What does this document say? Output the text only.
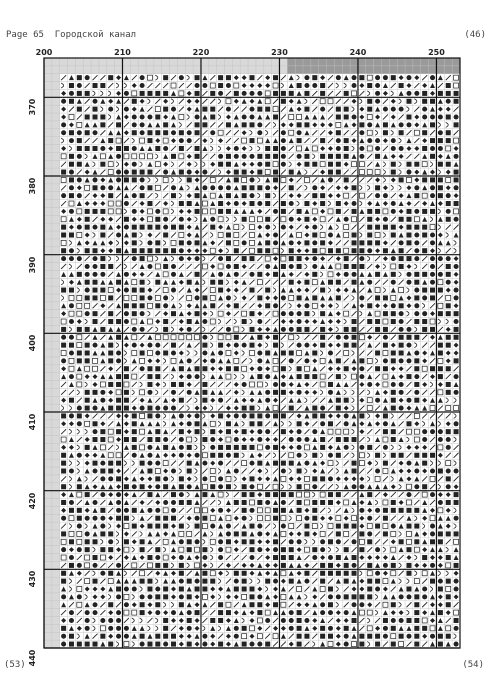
Page 65  Городской канал	(46)
200	210	220	230	240	250
370
380
390
400
410
420
430
440
(53)	(54)
